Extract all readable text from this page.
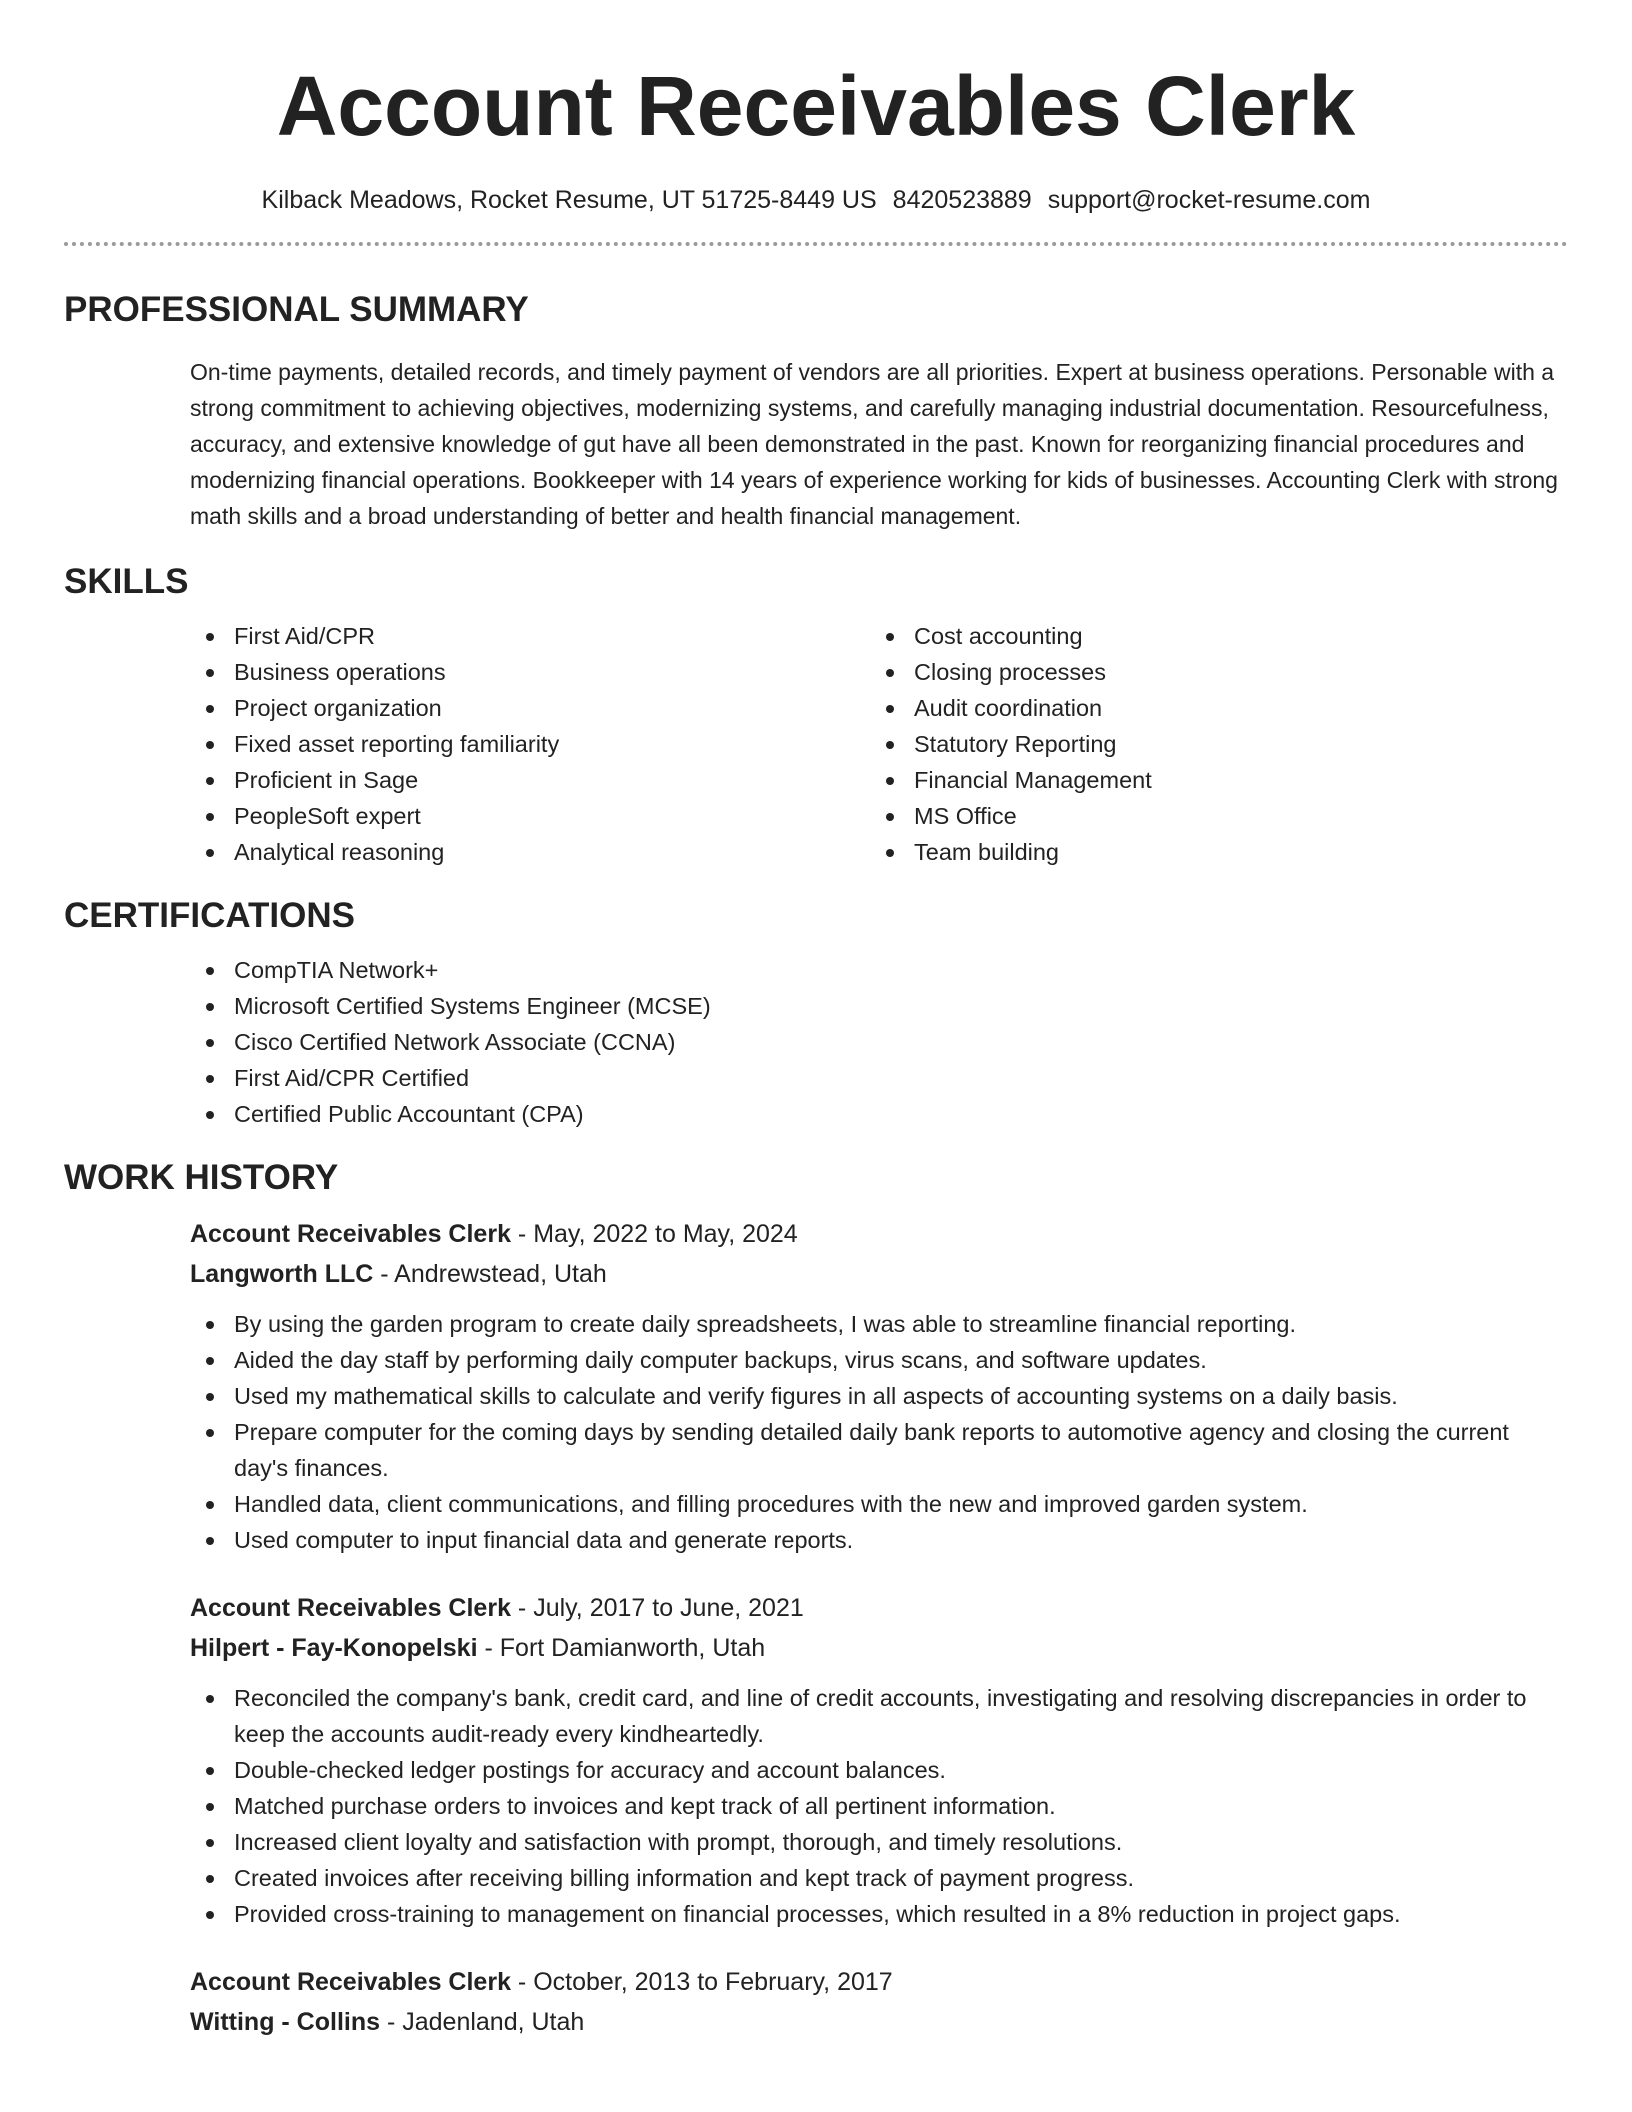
Account Receivables Clerk
Kilback Meadows, Rocket Resume, UT 51725-8449 US 8420523889 support@rocket-resume.com
PROFESSIONAL SUMMARY

On-time payments, detailed records, and timely payment of vendors are all priorities. Expert at business operations. Personable with a strong commitment to achieving objectives, modernizing systems, and carefully managing industrial documentation. Resourcefulness, accuracy, and extensive knowledge of gut have all been demonstrated in the past. Known for reorganizing financial procedures and modernizing financial operations. Bookkeeper with 14 years of experience working for kids of businesses. Accounting Clerk with strong math skills and a broad understanding of better and health financial management.

SKILLS
First Aid/CPR
Business operations
Project organization
Fixed asset reporting familiarity
Proficient in Sage
PeopleSoft expert
Analytical reasoning
Cost accounting
Closing processes
Audit coordination
Statutory Reporting
Financial Management
MS Office
Team building
CERTIFICATIONS
CompTIA Network+
Microsoft Certified Systems Engineer (MCSE)
Cisco Certified Network Associate (CCNA)
First Aid/CPR Certified
Certified Public Accountant (CPA)
WORK HISTORY
Account Receivables Clerk - May, 2022 to May, 2024
Langworth LLC - Andrewstead, Utah
By using the garden program to create daily spreadsheets, I was able to streamline financial reporting.
Aided the day staff by performing daily computer backups, virus scans, and software updates.
Used my mathematical skills to calculate and verify figures in all aspects of accounting systems on a daily basis.
Prepare computer for the coming days by sending detailed daily bank reports to automotive agency and closing the current day's finances.
Handled data, client communications, and filling procedures with the new and improved garden system.
Used computer to input financial data and generate reports.
Account Receivables Clerk - July, 2017 to June, 2021
Hilpert - Fay-Konopelski - Fort Damianworth, Utah
Reconciled the company's bank, credit card, and line of credit accounts, investigating and resolving discrepancies in order to keep the accounts audit-ready every kindheartedly.
Double-checked ledger postings for accuracy and account balances.
Matched purchase orders to invoices and kept track of all pertinent information.
Increased client loyalty and satisfaction with prompt, thorough, and timely resolutions.
Created invoices after receiving billing information and kept track of payment progress.
Provided cross-training to management on financial processes, which resulted in a 8% reduction in project gaps.
Account Receivables Clerk - October, 2013 to February, 2017
Witting - Collins - Jadenland, Utah
